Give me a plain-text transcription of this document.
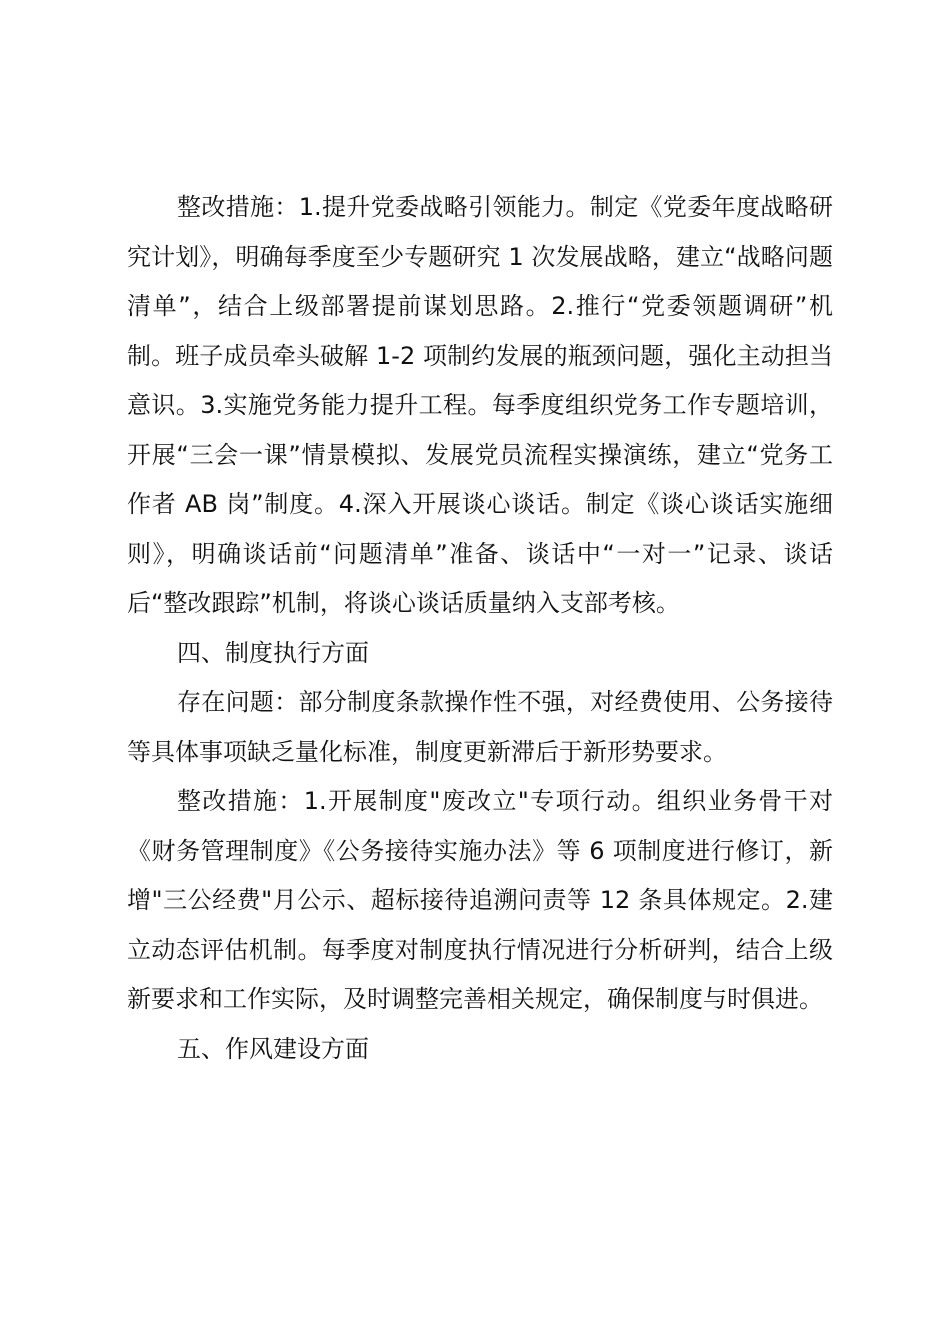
整改措施：1.提升党委战略引领能力。制定《党委年度战略研究计划》，明确每季度至少专题研究 1 次发展战略，建立“战略问题清单”，结合上级部署提前谋划思路。2.推行“党委领题调研”机制。班子成员牵头破解 1-2 项制约发展的瓶颈问题，强化主动担当意识。3.实施党务能力提升工程。每季度组织党务工作专题培训，开展“三会一课”情景模拟、发展党员流程实操演练，建立“党务工作者 AB 岗”制度。4.深入开展谈心谈话。制定《谈心谈话实施细则》，明确谈话前“问题清单”准备、谈话中“一对一”记录、谈话后“整改跟踪”机制，将谈心谈话质量纳入支部考核。

四、制度执行方面

存在问题：部分制度条款操作性不强，对经费使用、公务接待等具体事项缺乏量化标准，制度更新滞后于新形势要求。

整改措施：1.开展制度"废改立"专项行动。组织业务骨干对《财务管理制度》《公务接待实施办法》等 6 项制度进行修订，新增"三公经费"月公示、超标接待追溯问责等 12 条具体规定。2.建立动态评估机制。每季度对制度执行情况进行分析研判，结合上级新要求和工作实际，及时调整完善相关规定，确保制度与时俱进。

五、作风建设方面
